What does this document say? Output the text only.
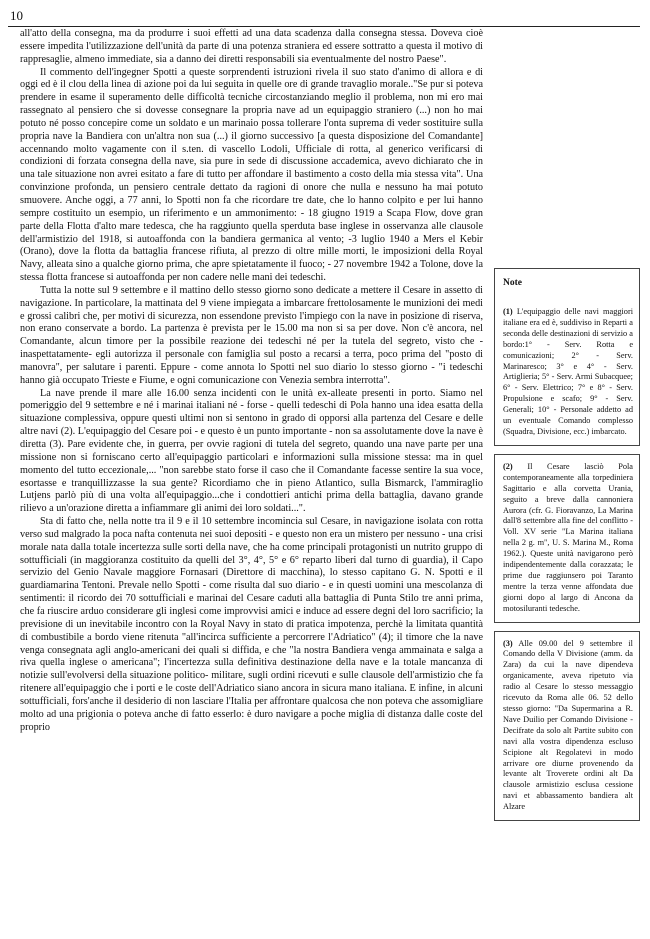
10

all'atto della consegna, ma da produrre i suoi effetti ad una data scadenza dalla consegna stessa. Doveva cioè essere impedita l'utilizzazione dell'unità da parte di una potenza straniera ed essere sottratto a questa il motivo di rappresaglie, almeno immediate, sia a danno dei diretti responsabili sia eventualmente del nostro Paese".

Il commento dell'ingegner Spotti a queste sorprendenti istruzioni rivela il suo stato d'animo di allora e di oggi ed è il clou della linea di azione poi da lui seguita in quelle ore di grande travaglio morale.."Se pur si poteva prendere in esame il superamento delle difficoltà tecniche circostanziando meglio il problema, non mi ero mai rassegnato al pensiero che si dovesse consegnare la propria nave ad un equipaggio straniero (...) non ho mai potuto né posso concepire come un soldato e un marinaio possa tollerare l'onta suprema di veder sostituire sulla propria nave la Bandiera con un'altra non sua (...) il giorno successivo [a questa disposizione del Comandante] accennando molto vagamente con il s.ten. di vascello Lodoli, Ufficiale di rotta, al generico verificarsi di condizioni di forzata consegna della nave, sia pure in sede di discussione accademica, avevo dichiarato che in una tale situazione non avrei esitato a fare di tutto per affondare il bastimento a costo della mia stessa vita". Una convinzione profonda, un pensiero centrale dettato da ragioni di onore che nulla e nessuno ha mai potuto smuovere. Anche oggi, a 77 anni, lo Spotti non fa che ricordare tre date, che lo hanno colpito e per lui hanno sempre costituito un esempio, un riferimento e un ammonimento: - 18 giugno 1919 a Scapa Flow, dove gran parte della Flotta d'alto mare tedesca, che ha raggiunto quella sperduta base inglese in osservanza alle clausole dell'armistizio del 1918, si autoaffonda con la bandiera germanica al vento; -3 luglio 1940 a Mers el Kebir (Orano), dove la flotta da battaglia francese rifiuta, al prezzo di oltre mille morti, le imposizioni della Royal Navy, alleata sino a qualche giorno prima, che apre spietatamente il fuoco; - 27 novembre 1942 a Tolone, dove la stessa flotta francese si autoaffonda per non cadere nelle mani dei tedeschi.

Tutta la notte sul 9 settembre e il mattino dello stesso giorno sono dedicate a mettere il Cesare in assetto di navigazione. In particolare, la mattinata del 9 viene impiegata a imbarcare frettolosamente le munizioni dei medi e grossi calibri che, per motivi di sicurezza, non essendone previsto l'impiego con la nave in posizione di riserva, non erano conservate a bordo. La partenza è prevista per le 15.00 ma non si sa per dove. Non c'è ancora, nel Comandante, alcun timore per la possibile reazione dei tedeschi né per la tutela del segreto, visto che - inaspettatamente- egli autorizza il personale con famiglia sul posto a recarsi a terra, poco prima del "posto di manovra", per salutare i parenti. Eppure - come annota lo Spotti nel suo diario lo stesso giorno - "i tedeschi hanno già occupato Trieste e Fiume, e ogni comunicazione con Venezia sembra interrotta".

La nave prende il mare alle 16.00 senza incidenti con le unità ex-alleate presenti in porto. Siamo nel pomeriggio del 9 settembre e né i marinai italiani né - forse - quelli tedeschi di Pola hanno una idea esatta della situazione complessiva, oppure questi ultimi non si sentono in grado di opporsi alla partenza del Cesare e delle altre navi (2). L'equipaggio del Cesare poi - e questo è un punto importante - non sa assolutamente dove la nave è diretta (3). Pare evidente che, in guerra, per ovvie ragioni di tutela del segreto, quando una nave parte per una missione non si forniscano certo all'equipaggio particolari e informazioni sulla missione stessa: ma in quel momento del tutto eccezionale,... "non sarebbe stato forse il caso che il Comandante facesse sentire la sua voce, esortasse e tranquillizzasse la sua gente? Ricordiamo che in pieno Atlantico, sulla Bismarck, l'ammiraglio Lutjens parlò più di una volta all'equipaggio...che i condottieri antichi prima della battaglia, davano grande rilievo a un'orazione diretta a infiammare gli animi dei loro soldati...".

Sta di fatto che, nella notte tra il 9 e il 10 settembre incomincia sul Cesare, in navigazione isolata con rotta verso sud malgrado la poca nafta contenuta nei suoi depositi - e questo non era un mistero per nessuno - una crisi morale nata dalla totale incertezza sulle sorti della nave, che ha come principali protagonisti un nutrito gruppo di sottufficiali (in maggioranza costituito da quelli del 3°, 4°, 5° e 6° reparto liberi dal turno di guardia), il Capo servizio del Genio Navale maggiore Fornasari (Direttore di macchina), lo stesso capitano G. N. Spotti e il guardiamarina Tentoni. Prevale nello Spotti - come risulta dal suo diario - e in questi uomini una mescolanza di sentimenti: il ricordo dei 70 sottufficiali e marinai del Cesare caduti alla battaglia di Punta Stilo tre anni prima, che fa riuscire arduo considerare gli inglesi come improvvisi amici e induce ad essere degni del loro sacrificio; la previsione di un inevitabile incontro con la Royal Navy in stato di pratica impotenza, perchè la limitata quantità di combustibile a bordo viene ritenuta "all'incirca sufficiente a percorrere l'Adriatico" (4); il timore che la nave venga consegnata agli anglo-americani dei quali si diffida, e che "la nostra Bandiera venga ammainata e salga a riva quella inglese o americana"; l'incertezza sulla definitiva destinazione della nave e la totale mancanza di notizie sull'evolversi della situazione politico- militare, sugli ordini ricevuti e sulle clausole dell'armistizio che fa ritenere all'equipaggio che i porti e le coste dell'Adriatico siano ancora in sicura mano italiana. E infine, in alcuni sottufficiali, fors'anche il desiderio di non lasciare l'Italia per affrontare qualcosa che non poteva che assomigliare molto ad una prigionia o poteva anche di fatto esserlo: è duro navigare a poche miglia di distanza dalle coste del proprio

Note
(1) L'equipaggio delle navi maggiori italiane era ed è, suddiviso in Reparti a seconda delle destinazioni di servizio a bordo:1° - Serv. Rotta e comunicazioni; 2° - Serv. Marinaresco; 3° e 4° - Serv. Artiglieria; 5° - Serv. Armi Subacquee; 6° - Serv. Elettrico; 7° e 8° - Serv. Propulsione e scafo; 9° - Serv. Generali; 10° - Personale addetto ad un eventuale Comando complesso (Squadra, Divisione, ecc.) imbarcato.
(2) Il Cesare lasciò Pola contemporaneamente alla torpediniera Sagittario e alla corvetta Urania, seguito a breve dalla cannoniera Aurora (cfr. G. Fioravanzo, La Marina dall'8 settembre alla fine del conflitto - Voll. XV serie "La Marina italiana nella 2 g. m", U. S. Marina M., Roma 1962.). Queste unità navigarono però indipendentemente dalla corazzata; le prime due raggiunsero poi Taranto mentre la terza venne affondata due giorni dopo al largo di Ancona da motosiluranti tedesche.
(3) Alle 09.00 del 9 settembre il Comando della V Divisione (amm. da Zara) da cui la nave dipendeva organicamente, aveva ripetuto via radio al Cesare lo stesso messaggio ricevuto da Roma alle 06. 52 dello stesso giorno: "Da Supermarina a R. Nave Duilio per Comando Divisione - Decifrate da solo alt Partite subito con navi alla vostra dipendenza escluso Scipione alt Regolatevi in modo arrivare ore diurne provenendo da levante alt Troverete ordini alt Da clausole armistizio esclusa cessione navi et abbassamento bandiera alt Alzare
